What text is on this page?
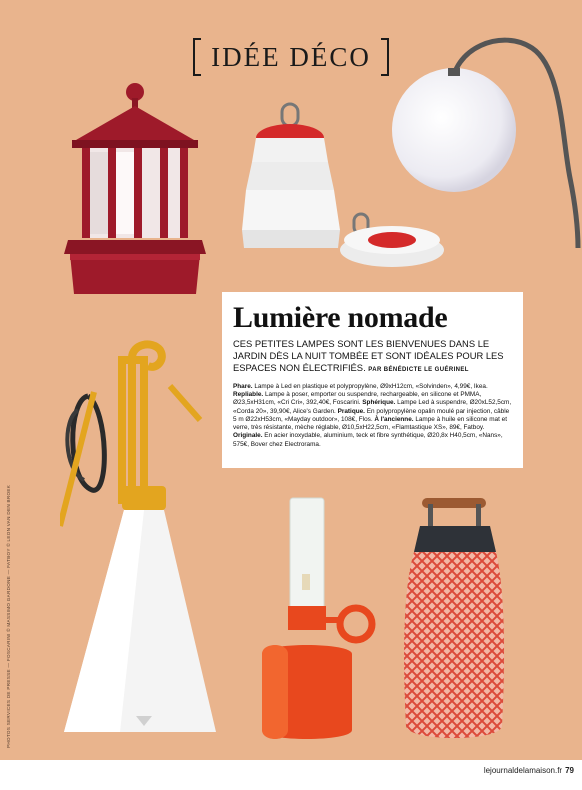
IDÉE DÉCO
Lumière nomade
CES PETITES LAMPES SONT LES BIENVENUES DANS LE JARDIN DÈS LA NUIT TOMBÉE ET SONT IDÉALES POUR LES ESPACES NON ÉLECTRIFIÉS. PAR BÉNÉDICTE LE GUÉRINEL
Phare. Lampe à Led en plastique et polypropylène, Ø9xH12cm, «Solvinden», 4,99€, Ikea. Repliable. Lampe à poser, emporter ou suspendre, rechargeable, en silicone et PMMA, Ø23,5xH31cm, «Cri Cri», 392,40€, Foscarini. Sphérique. Lampe Led à suspendre, Ø20xL52,5cm, «Corda 20», 39,90€, Alice's Garden. Pratique. En polypropylène opalin moulé par injection, câble 5 m Ø22xH53cm, «Mayday outdoor», 108€, Flos. À l'ancienne. Lampe à huile en silicone mat et verre, très résistante, mèche réglable, Ø10,5xH22,5cm, «Flamtastique XS», 89€, Fatboy. Originale. En acier inoxydable, aluminium, teck et fibre synthétique, Ø20,8x H40,5cm, «Nans», 575€, Bover chez Electrorama.
PHOTOS SERVICES DE PRESSE — FOSCARINI © MASSIMO GARDONE — FATBOY © LEON VAN DEN BROEK
lejournaldelamaison.fr 79
